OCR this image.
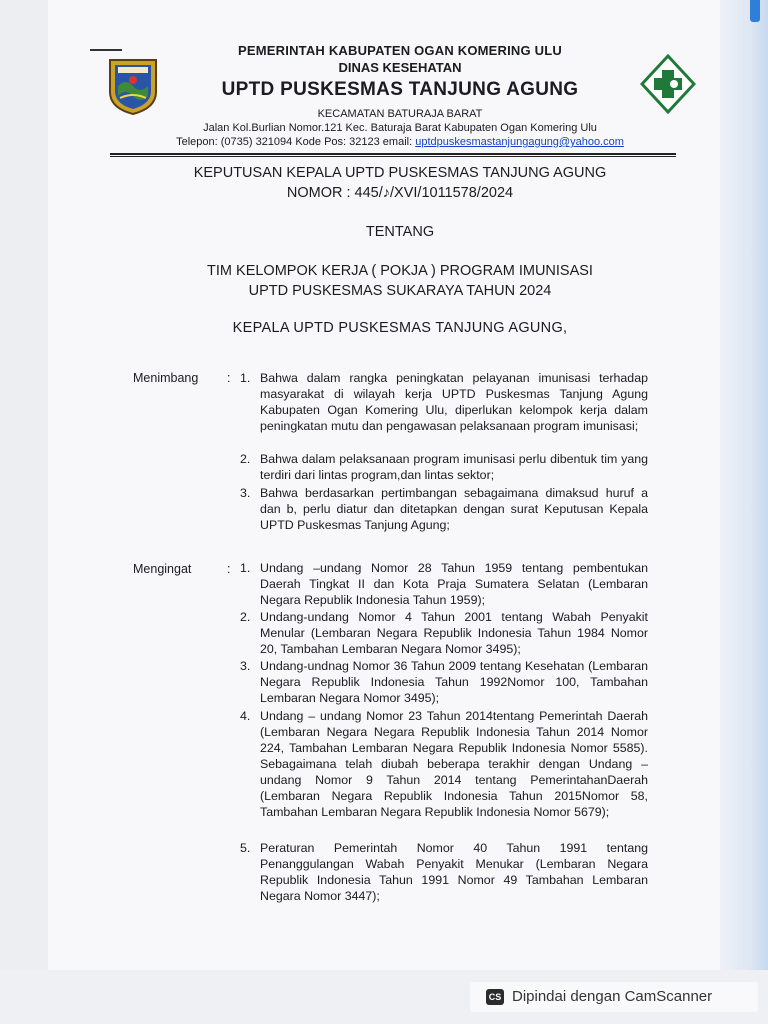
PEMERINTAH KABUPATEN OGAN KOMERING ULU
DINAS KESEHATAN
UPTD PUSKESMAS TANJUNG AGUNG
KECAMATAN BATURAJA BARAT
Jalan Kol.Burlian Nomor.121 Kec. Baturaja Barat Kabupaten Ogan Komering Ulu
Telepon: (0735) 321094 Kode Pos: 32123 email: uptdpuskesmastanjungagung@yahoo.com
KEPUTUSAN KEPALA UPTD PUSKESMAS TANJUNG AGUNG
NOMOR : 445/♪/XVI/1011578/2024
TENTANG
TIM KELOMPOK KERJA ( POKJA ) PROGRAM IMUNISASI
UPTD PUSKESMAS SUKARAYA TAHUN 2024
KEPALA UPTD PUSKESMAS TANJUNG AGUNG,
Menimbang : 1. Bahwa dalam rangka peningkatan pelayanan imunisasi terhadap masyarakat di wilayah kerja UPTD Puskesmas Tanjung Agung Kabupaten Ogan Komering Ulu, diperlukan kelompok kerja dalam peningkatan mutu dan pengawasan pelaksanaan program imunisasi;
2. Bahwa dalam pelaksanaan program imunisasi perlu dibentuk tim yang terdiri dari lintas program,dan lintas sektor;
3. Bahwa berdasarkan pertimbangan sebagaimana dimaksud huruf a dan b, perlu diatur dan ditetapkan dengan surat Keputusan Kepala UPTD Puskesmas Tanjung Agung;
Mengingat	: 1. Undang –undang Nomor 28 Tahun 1959 tentang pembentukan Daerah Tingkat II dan Kota Praja Sumatera Selatan (Lembaran Negara Republik Indonesia Tahun 1959);
2. Undang-undang Nomor 4 Tahun 2001 tentang Wabah Penyakit Menular (Lembaran Negara Republik Indonesia Tahun 1984 Nomor 20, Tambahan Lembaran Negara Nomor 3495);
3. Undang-undnag Nomor 36 Tahun 2009 tentang Kesehatan (Lembaran Negara Republik Indonesia Tahun 1992Nomor 100, Tambahan Lembaran Negara Nomor 3495);
4. Undang – undang Nomor 23 Tahun 2014tentang Pemerintah Daerah (Lembaran Negara Negara Republik Indonesia Tahun 2014 Nomor 224, Tambahan Lembaran Negara Republik Indonesia Nomor 5585). Sebagaimana telah diubah beberapa terakhir dengan Undang – undang Nomor 9 Tahun 2014 tentang PemerintahanDaerah (Lembaran Negara Republik Indonesia Tahun 2015Nomor 58, Tambahan Lembaran Negara Republik Indonesia Nomor 5679);
5. Peraturan Pemerintah Nomor 40 Tahun 1991 tentang Penanggulangan Wabah Penyakit Menukar (Lembaran Negara Republik Indonesia Tahun 1991 Nomor 49 Tambahan Lembaran Negara Nomor 3447);
CS Dipindai dengan CamScanner
